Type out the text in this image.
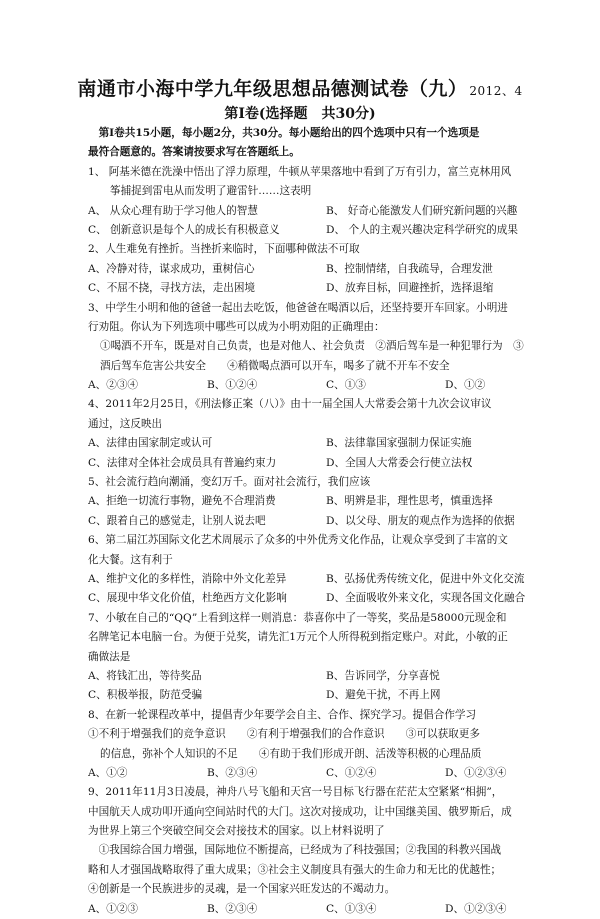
南通市小海中学九年级思想品德测试卷（九） 2012、4
第Ⅰ卷(选择题　共30分)
　第Ⅰ卷共15小题，每小题2分，共30分。每小题给出的四个选项中只有一个选项是
最符合题意的。答案请按要求写在答题纸上。
1、 阿基米德在洗澡中悟出了浮力原理，牛顿从苹果落地中看到了万有引力，富兰克林用风
筝捕捉到雷电从而发明了避雷针……这表明
A、 从众心理有助于学习他人的智慧	B、 好奇心能激发人们研究新问题的兴趣
C、 创新意识是每个人的成长有积极意义	D、 个人的主观兴趣决定科学研究的成果
2、人生难免有挫折。当挫折来临时，下面哪种做法不可取
A、冷静对待，谋求成功，重树信心	B、控制情绪，自我疏导，合理发泄
C、不屈不挠，寻找方法，走出困境	D、放弃目标，回避挫折，选择退缩
3、中学生小明和他的爸爸一起出去吃饭，他爸爸在喝酒以后，还坚持要开车回家。小明进
行劝阻。你认为下列选项中哪些可以成为小明劝阻的正确理由：
①喝酒不开车，既是对自己负责，也是对他人、社会负责　②酒后驾车是一种犯罪行为　③
酒后驾车危害公共安全　　④稍微喝点酒可以开车，喝多了就不开车不安全
A、②③④	B、①②④	C、①③	D、①②
4、2011年2月25日，《刑法修正案（八）》由十一届全国人大常委会第十九次会议审议
通过，这反映出
A、法律由国家制定或认可	B、法律靠国家强制力保证实施
C、法律对全体社会成员具有普遍约束力	D、全国人大常委会行使立法权
5、社会流行趋向潮涌，变幻万千。面对社会流行，我们应该
A、拒绝一切流行事物，避免不合理消费	B、明辨是非，理性思考，慎重选择
C、跟着自己的感觉走，让别人说去吧	D、以父母、朋友的观点作为选择的依据
6、第二届江苏国际文化艺术周展示了众多的中外优秀文化作品，让观众享受到了丰富的文
化大餐。这有利于
A、维护文化的多样性，消除中外文化差异	B、弘扬优秀传统文化，促进中外文化交流
C、展现中华文化价值，杜绝西方文化影响	D、全面吸收外来文化，实现各国文化融合
7、小敏在自己的“QQ”上看到这样一则消息：恭喜你中了一等奖，奖品是58000元现金和
名牌笔记本电脑一台。为便于兑奖，请先汇1万元个人所得税到指定账户。对此，小敏的正
确做法是
A、将钱汇出，等待奖品	B、告诉同学，分享喜悦
C、积极举报，防范受骗	D、避免干扰，不再上网
8、在新一轮课程改革中，提倡青少年要学会自主、合作、探究学习。提倡合作学习
①不利于增强我们的竞争意识　　②有利于增强我们的合作意识　　③可以获取更多
的信息，弥补个人知识的不足　　④有助于我们形成开朗、活泼等积极的心理品质
A、①②	B、②③④	C、①②④	D、①②③④
9、2011年11月3日凌晨，神舟八号飞船和天宫一号目标飞行器在茫茫太空紧紧“相拥”，
中国航天人成功叩开通向空间站时代的大门。这次对接成功，让中国继美国、俄罗斯后，成
为世界上第三个突破空间交会对接技术的国家。以上材料说明了
　①我国综合国力增强，国际地位不断提高，已经成为了科技强国；②我国的科教兴国战
略和人才强国战略取得了重大成果；③社会主义制度具有强大的生命力和无比的优越性；
④创新是一个民族进步的灵魂，是一个国家兴旺发达的不竭动力。
A、①②③	B、②③④	C、①③④	D、①②③④
